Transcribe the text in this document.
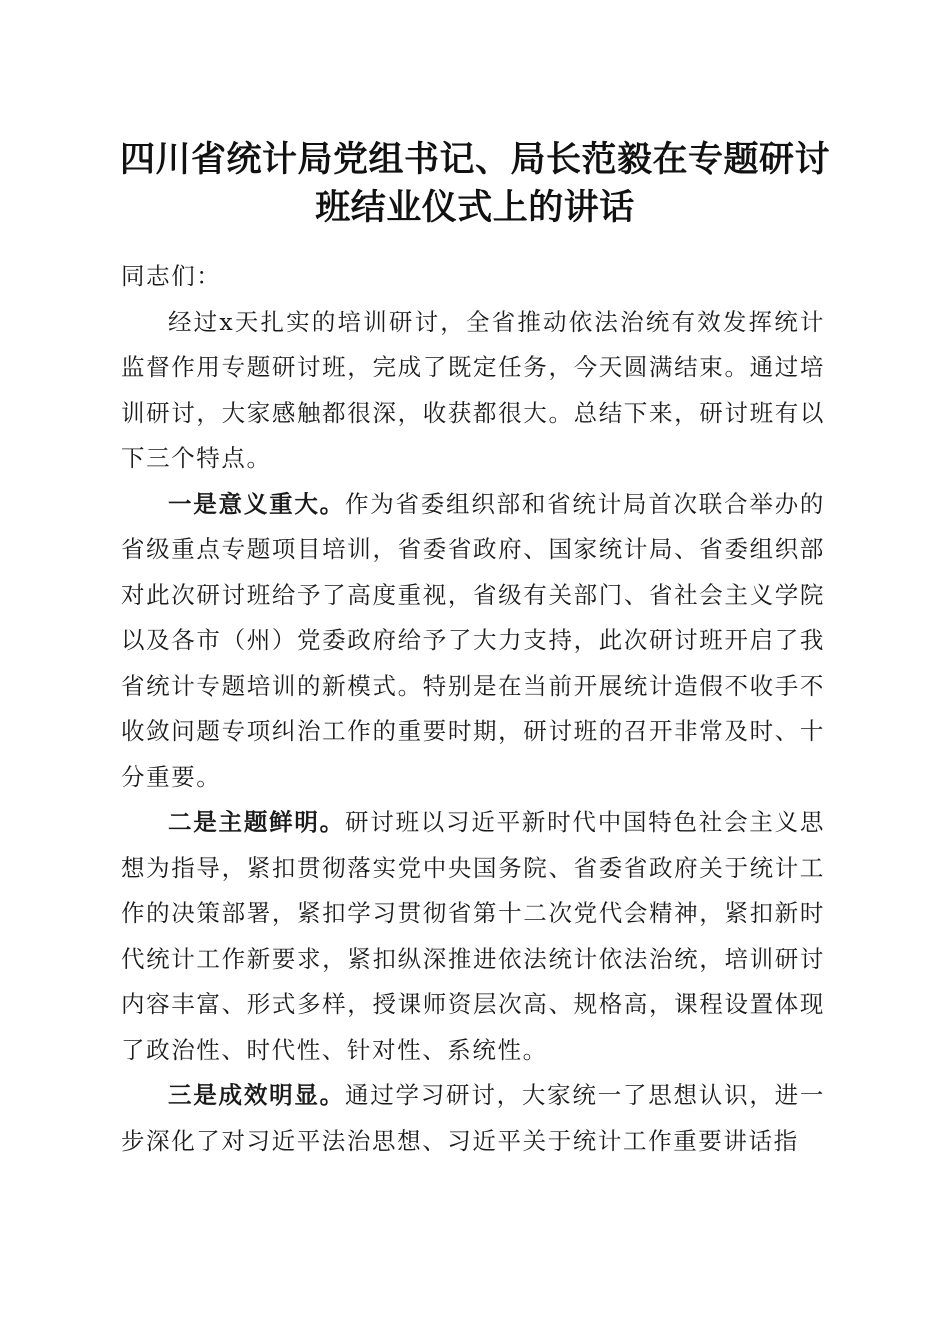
四川省统计局党组书记、局长范毅在专题研讨
班结业仪式上的讲话

同志们：

经过x天扎实的培训研讨，全省推动依法治统有效发挥统计监督作用专题研讨班，完成了既定任务，今天圆满结束。通过培训研讨，大家感触都很深，收获都很大。总结下来，研讨班有以下三个特点。

一是意义重大。作为省委组织部和省统计局首次联合举办的省级重点专题项目培训，省委省政府、国家统计局、省委组织部对此次研讨班给予了高度重视，省级有关部门、省社会主义学院以及各市（州）党委政府给予了大力支持，此次研讨班开启了我省统计专题培训的新模式。特别是在当前开展统计造假不收手不收敛问题专项纠治工作的重要时期，研讨班的召开非常及时、十分重要。

二是主题鲜明。研讨班以习近平新时代中国特色社会主义思想为指导，紧扣贯彻落实党中央国务院、省委省政府关于统计工作的决策部署，紧扣学习贯彻省第十二次党代会精神，紧扣新时代统计工作新要求，紧扣纵深推进依法统计依法治统，培训研讨内容丰富、形式多样，授课师资层次高、规格高，课程设置体现了政治性、时代性、针对性、系统性。

三是成效明显。通过学习研讨，大家统一了思想认识，进一步深化了对习近平法治思想、习近平关于统计工作重要讲话指
